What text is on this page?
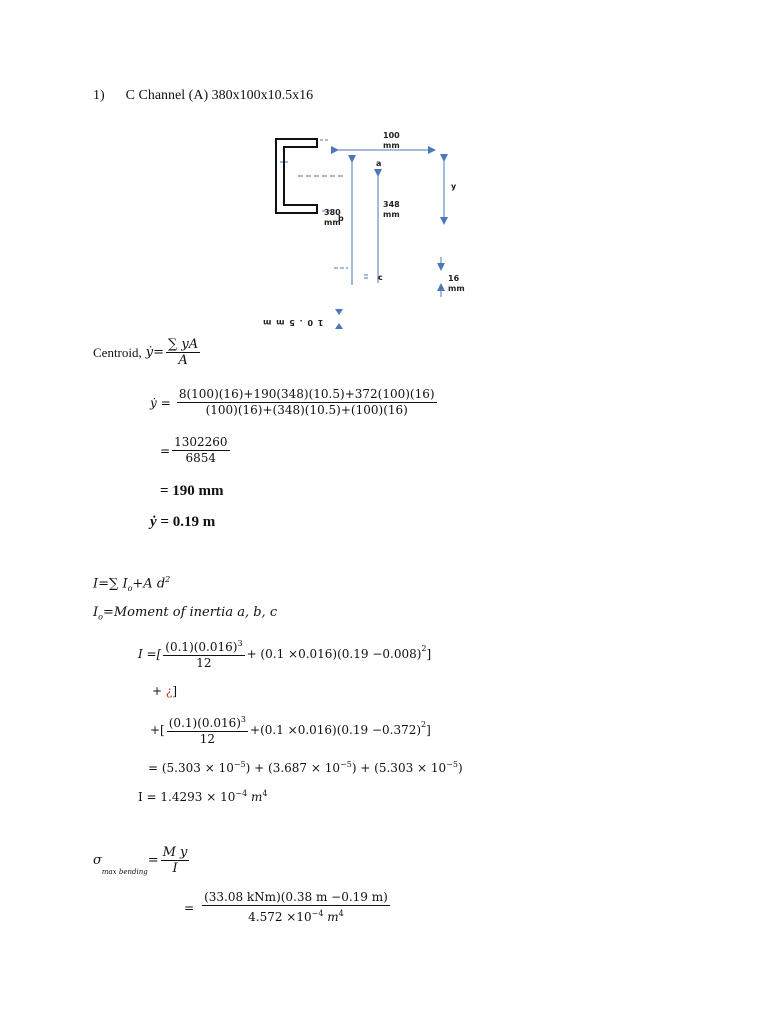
1) C Channel (A) 380x100x10.5x16
100
mm
a
y
348
mm
380
mm
b
c	16
mm
1 0 . 5 m m
Centroid, ẏ = $\frac{\sum yA}{A}$
ẏ = $\frac{8(100)(16)+190(348)(10.5)+372(100)(16)}{(100)(16)+(348)(10.5)+(100)(16)}$
= $\frac{1302260}{6854}$
= 190 mm
ẏ = 0.19 m
I=∑ $I_o+A$ $d^2$
$I_o=Moment$ of inertia a, b, c
I =[ $\frac{(0.1)(0.016)^3}{12} + (0.1 \times 0.016)(0.19 -0.008)^2$ ]
+ ¿]
+[ $\frac{(0.1)(0.016)^3}{12} +(0.1 \times 0.016)(0.19 -0.372)^2$ ]
= $(5.303 \times 10^{-5}) + (3.687 \times 10^{-5}) + (5.303 \times 10^{-5})$
$I = 1.4293 \times 10^{-4}$ $m^4$
σ
max bending
= $\frac{\text{M y}}{I}$
= $\frac{\text{(33.08 kNm)(0.38 m −0.19 m)}}{4.572 \times 10^{-4} m^4}$
